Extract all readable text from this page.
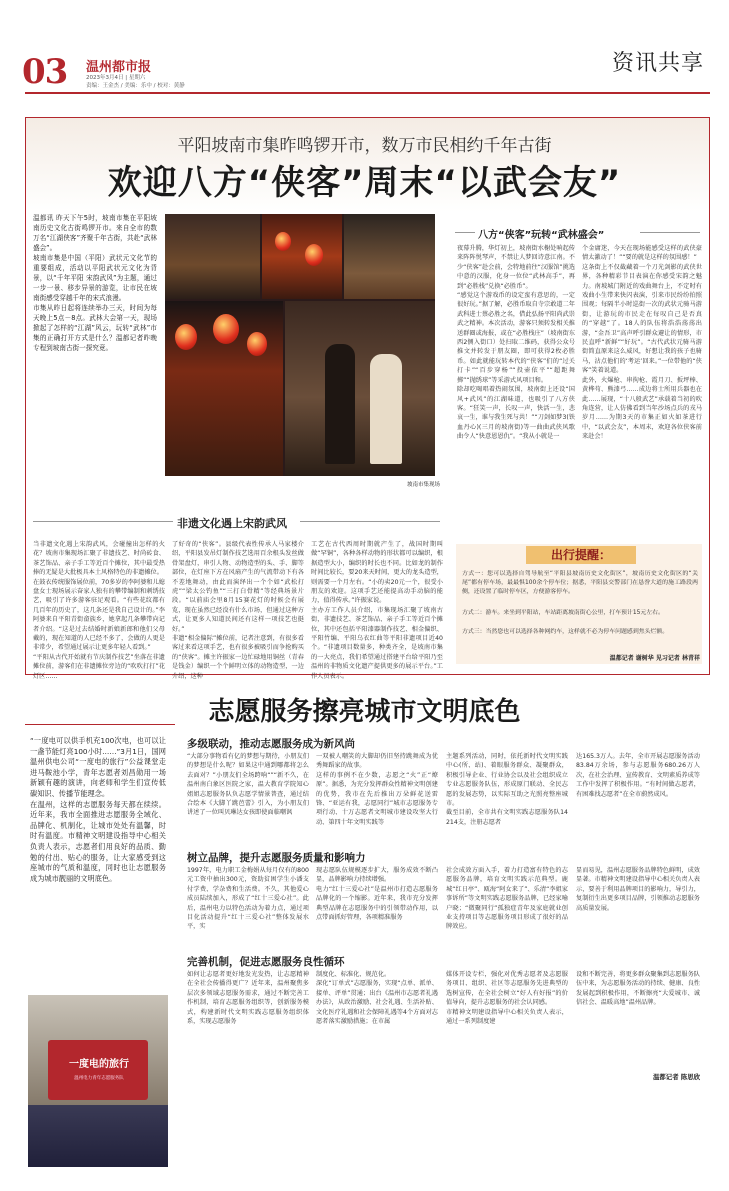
03 温州都市报
2023年3月4日 | 星期六
责编：王金杰 / 美编：乐中 / 校对：黄静
资讯共享
平阳坡南市集昨鸣锣开市，数万市民相约千年古街
欢迎八方“侠客”周末“以武会友”
温都讯 昨天下午5时，坡南市集在平阳坡南历史文化古街鸣锣开市。来自全市的数万名“江湖侠客”齐聚千年古街，共赴“武林盛会”。
坡南市集是中国（平阳）武状元文化节的重要组成，活动以平阳武状元文化为背景，以“千年平阳 宋韵武风”为主题，通过一步一景、移步异景的游览，让市民在坡南街感受穿越千年的宋式浪漫。
市集从昨日起将连续举办三天，时间为每天晚上5点－8点。武林大会第一天，现场掀起了怎样的“江湖”风云，玩转“武林”市集的正确打开方式是什么？温都记者昨晚专程到坡南古街一探究竟。
坡南市集现场
非遗文化遇上宋韵武风
当非遗文化遇上宋韵武风，会碰撞出怎样的火花？坡南市集现场汇聚了非遗技艺、时尚砖食、茶艺饰品、亲子手工等近百个摊位，其中最受热捧的无疑是大批极具本土风格特色的非遗摊位。
在鼓衣传统服饰展位前，70多岁的李阿婆和儿媳盘女士现场展示奋家人独有的攀带编制和刺绣技艺，吸引了许多游客驻足观看。“有些花纹都有几百年的历史了，这几条还是我自己设计的。”李阿婆来自平阳青街畲族乡，她拿起几条攀带向记者介绍。“这是过去结婚时新娘新郎和他们父母戴的，现在知道的人已经不多了，会做的人更是非常少，希望通过展示让更多年轻人看到。”
“平阳从古代开始就有节庆制作技艺”坐落在非遗摊位前，游客们在非遗摊位旁边的“吹吹打打”花灯区……
了好奇的“侠客”。县级代表性传承人马家楼介绍，平阳县发吊灯制作技艺选用百余根头发丝做骨架盘灯，串引人物、动物造型的头、手、脚等部位，在灯座下方在风扇产生的气流带动下有各不差地舞动，由此而演绎出一个个如“武松打虎”“梁太公钓鱼”“三打白骨精”等经典场景片段。“以前庙会里8月15赛花灯的时候会有展览，现在虽然已经没有什么市场，但通过这种方式，让更多人知道民间还有这样一项技艺也挺好。”
非遗“相金偏际”摊位前，记者注意到，有很多看客过来看这项手艺，也有很多被吸引而争抢购买的“侠客”。摊主许振家一边忙碌地用铜丝（青春是钱金）编织一个个鲜明立体的动物造型，一边介绍，这种
工艺在古代西周时期就产生了，战国时期叫做“罕铜”，各种各样动物的形状都可以编织，根据造型大小，编织的时长也不同。比如龙的制作时间比较长，要20来天时间，更大的龙头造型，则需要一个月左右。“小的卖20元一个，很受小朋友的欢迎。这项手艺还能提高动手动脑的能力，值得传承。”许振家说。
主办方工作人员介绍，市集现场汇聚了坡南古街，非遗技艺、茶艺饰品、亲子手工等近百个摊位，其中还包括平阳漆器制作技艺、相金偏织、平阳竹编、平阳乌衣红曲等平阳非遗项目近40个。“非遗项目数量多，种类齐全，是坡南市集的一大亮点，我们希望通过搭建平台给平阳乃至温州的非物质文化遗产提供更多的展示平台。”工作人员表示。
八方“侠客”玩转“武林盛会”
夜幕升腾，华灯初上，坡南街水榭处响起传来阵阵悦琴声，不禁让人梦回诗意江南。不少“侠客”赴会前，会特地前往“汉服馆”挑选中意的汉服，化身一位位“武林高手”，再到“必胜栈”兑换“必胜币”。
“感觉这个游戏币的设定蛮有意思的，一定很好玩。”据了解，必胜币取自寺宗敢道二年武科进士蔡必胜之名，借此弘扬平阳尚武崇武之精神。本次活动，游客只须转发相关推送群圈或海报，或在“必胜栈庄”（坡南街东西2侧入街口）处扫取二维码，获得公众号推文并转发于朋友圈，即可获得2枚必胜币。如此就能玩转本代的“侠客”们的“过关打卡”“百步穿杨”“投壶依平”“超距舞掷”“抛绣球”等采游式风项目和。
除却吃喝唱着热闹氛围，坡南街上还设“国风+武风”的江湖味道，也吸引了八方侠客。“狂笑一声，长叹一声，快活一生，悲哀一生，谁与我生死与共！”“刀剑如梦3(铁血丹心)(三月的坡南街)等一曲曲武侠风歌曲令人“快意恩恩仇”。“我从小就是一
个金庸迷，今天在现场能感受这样的武侠豪情太激动了！”“要的就是这样的氛围感！”
这条街上不仅截藏着一个刀光剑影的武侠世界，各种精彩节目表演在你感受宋韵之魅力。南坡城门附近的戏曲舞台上，不定时有戏曲小生带来快闪表演，引来市民纷纷拍照围观；每隔半小时巡街一次的武状元骑马游街，让游玩的市民走在每叹自己是否真的“穿越”了。18人的队伍将浩浩荡荡出游，“金吾卫”高声呼引群众避让的情形，市民直呼“新鲜”“好玩”。“古代武状元骑马游街简直原来这么威风，好想让我的孩子也骑马，沾点他们的‘考运’回来。”一位带他的“侠客”笑着说道。
此外，火爆枪、串拘枪、霞月刀、扳坪棒、黄桦苟、熊漆弓……成边将士所用兵器也在此……展现，“十八般武艺”承载着当初的吹角连营，让人仿佛看到当年沙场点兵的戎马岁月……为期3天的市集正如火如茶进行中，“以武会友”，本周末，欢迎各位侠客前来赴会！
出行提醒：
方式一：您可以选择自驾导航至“平阳县坡南历史文化街区”，坡南历史文化街区的“关尾”都有停车场，最最惧100余个停车位；据悉，平阳县交警部门在恳誊大道的施工路段两侧，还设置了临时停车区，方便游客停车。
方式二：游车。来坐到平阳站，车站距离坡南街心公里，打车预计15元左右。
方式三：当然您也可以选择各种网约车，这样就不必为停车问题感到焦头烂额。
温都记者 谢树华 见习记者 林青祥
志愿服务擦亮城市文明底色
“一度电可以供手机充100次电，也可以让一盏节能灯亮100小时……”3月1日，国网温州供电公司“一度电的旅行”公益课堂走进马鞍池小学，青年志愿者刘昌勋用一场新颖有趣的演讲，向老师和学生们宣传低碳知识、传播节能理念。
在温州，这样的志愿服务每天都在续续。近年来，我市全面推进志愿服务全域化、品牌化、机制化，让城市处处有温馨，时时有温度。市精神文明建设指导中心相关负责人表示，志愿者们用良好的品质、勤勉的付出、贴心的服务，让大家感受到这座城市的气质和温度，同时也让志愿服务成为城市靓丽的文明底色。
一度电的旅行
温州电力青年志愿服务队
多级联动，推动志愿服务成为新风尚
“大部分事物看有亿的梦想与期待，小朋友们的梦想是什么呢？如果这中通到哪都将怎么去面对？”小朋友们全场跨响“”“新不久，在温州南白象区医院之家，温大教育学院知心姐姐志愿服务队负志愿学情景普查，通过结合绘本《大脚丫跳芭蕾》引入，为小朋友们讲述了一位叫贝琳达女孩即使面临嘲讽
一双被人嘲笑的大脚却仍旧坚持跳舞成为优秀舞蹈家的故事。
这样的事例不在少数，志愿之“火”正“燎原”。据悉，为充分发挥群众性精神文明创建的优势，我市在先后推出万朵鲜花送雷锋、“亚运有我，志愿同行”城市志愿服务专项行动、十万志愿者文明城市建设攻坚大行动、第四十年文明实践等
主题系列活动，同时，依托新时代文明实践中心(所、站)、着眼服务群众、凝聚群众，积极引导企业、行业协会以及社会组织成立专业志愿服务队伍，形成原门联动、全民志愿的发展态势，以实际互助之光照亮整座城市。
截至目前，全市共有文明实践志愿服务队14214支，注册志愿者
达165.3万人。去年，全市开展志愿服务活动83.84万余场，参与志愿服务680.26万人次，在社会治理、宣传教育、文明素质养成等工作中发挥了积极作用。“有时间做志愿者，有困难找志愿者”在全市蔚然成风。
树立品牌，提升志愿服务质量和影响力
1997年，电力职工金梅娟从每月仅有的800元工资中抽出300元，资助贫困学生小潘支付学费、学杂费和生活费。不久，其他爱心成员陆续加入，形成了“红十三爱心社”。此后，温州电力以特色活动为着力点，通过项目化活动提升“红十三爱心社”整体发展水平，实
现志愿队伍规模逐步扩大，服务成效不断凸显，品牌影响力持续增强。
电力“红十三爱心社”是温州市打造志愿服务品牌化的一个缩影。近年来，我市充分发挥典型品牌在志愿服务中的引领带动作用，以点带面抓好管理，各项精准服务
社会成效方面入手，着力打造富有特色的志愿服务品牌，培育文明实践示范典型。鹿城“红日亭”、瓯海“阿女来了”、乐清“李姐家事诉所”等文明实践志愿服务品牌，已经家喻户晓；“微聚同行”孤独症青年及家庭就业创业支持项目等志愿服务项目形成了很好的品牌效应。
显而易见，温州志愿服务品牌特色鲜明，成效显著。市精神文明建设指导中心相关负责人表示，要善于利用品牌项目的影响力，导引力，复制衍生出更多项目品牌，引领推动志愿服务高质量发展。
完善机制，促进志愿服务良性循环
如何让志愿者更好地发光发热，让志愿精神在全社会传播得更广？近年来，温州聚焦多层次多领域志愿服务需求，通过不断完善工作机制，培育志愿服务组织等，创新服务模式，构建新时代文明实践志愿服务组织体系，实现志愿服务
制度化、标准化、规范化。
深化“订单式”志愿服务，实现“点单、派单、接单、评单”贯通；出台《温州市志愿者礼遇办法》，从政治激励、社会礼遇、生活补贴、文化医疗礼遇和社会保障礼遇等4个方面对志愿者落实激励措施；在市属
媒体开设专栏，强化对优秀志愿者及志愿服务项目、组织、社区等志愿服务先进典型的选树宣传，在全社会树立“好人有好报”的价值导向，提升志愿服务的社会认同感。
市精神文明建设指导中心相关负责人表示，通过一系列制度建
设和不断完善，将更多群众聚集到志愿服务队伍中来，为志愿服务活动的持续、健康、良性发展起到积极作用，不断擦亮“大爱城市、诚信社会、温暖高地”温州品牌。
温都记者 陈思欣
